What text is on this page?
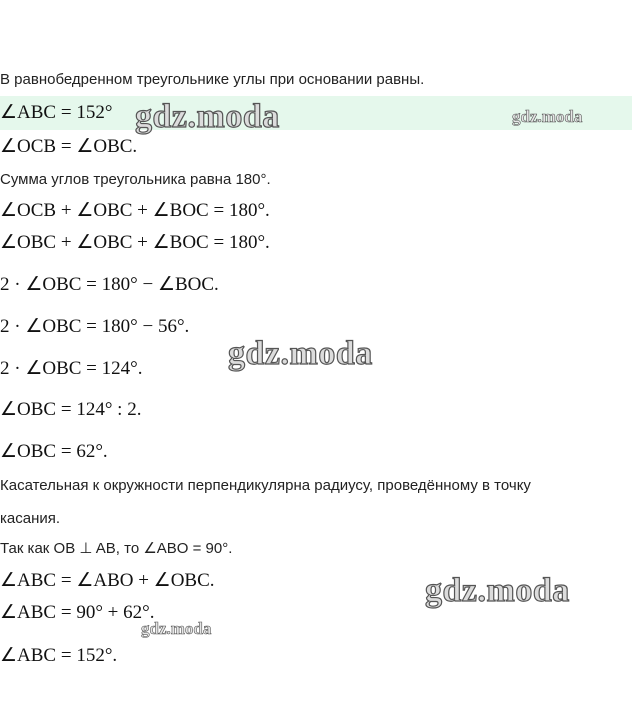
В равнобедренном треугольнике углы при основании равны.
∠ABC = 152°
∠OCB = ∠OBC.
Сумма углов треугольника равна 180°.
∠OCB + ∠OBC + ∠BOC = 180°.
∠OBC + ∠OBC + ∠BOC = 180°.
2 · ∠OBC = 180° − ∠BOC.
2 · ∠OBC = 180° − 56°.
2 · ∠OBC = 124°.
∠OBC = 124° : 2.
∠OBC = 62°.
Касательная к окружности перпендикулярна радиусу, проведённому в точку
касания.
Так как OB ⊥ AB, то ∠ABO = 90°.
∠ABC = ∠ABO + ∠OBC.
∠ABC = 90° + 62°.
∠ABC = 152°.
gdz.moda	gdz.moda
gdz.moda
gdz.moda
gdz.moda
